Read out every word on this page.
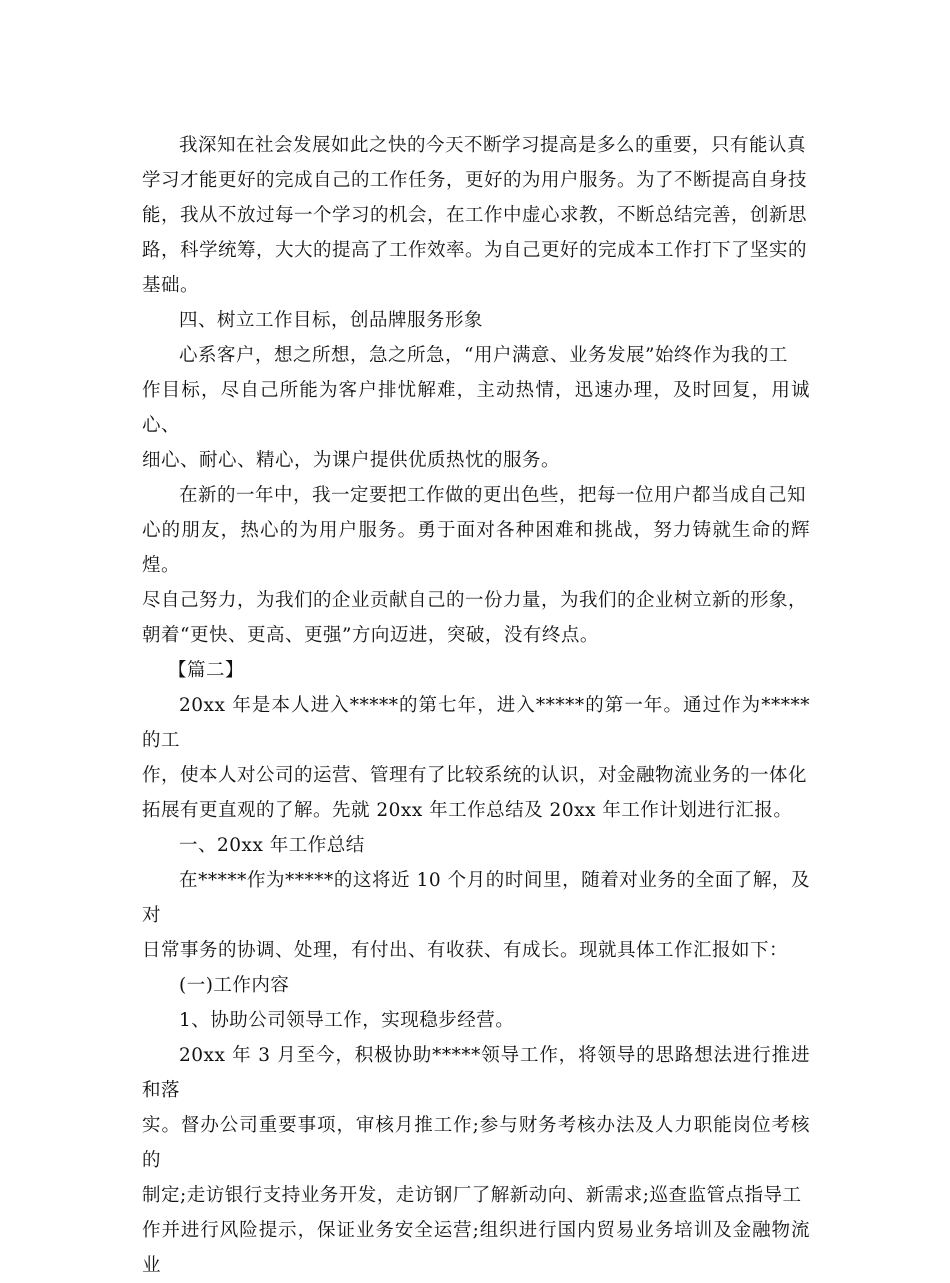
我深知在社会发展如此之快的今天不断学习提高是多么的重要，只有能认真
学习才能更好的完成自己的工作任务，更好的为用户服务。为了不断提高自身技
能，我从不放过每一个学习的机会，在工作中虚心求教，不断总结完善，创新思
路，科学统筹，大大的提高了工作效率。为自己更好的完成本工作打下了坚实的
基础。

四、树立工作目标，创品牌服务形象

心系客户，想之所想，急之所急，“用户满意、业务发展”始终作为我的工
作目标，尽自己所能为客户排忧解难，主动热情，迅速办理，及时回复，用诚心、
细心、耐心、精心，为课户提供优质热忱的服务。
在新的一年中，我一定要把工作做的更出色些，把每一位用户都当成自己知
心的朋友，热心的为用户服务。勇于面对各种困难和挑战，努力铸就生命的辉煌。
尽自己努力，为我们的企业贡献自己的一份力量，为我们的企业树立新的形象，
朝着“更快、更高、更强”方向迈进，突破，没有终点。

【篇二】

20xx 年是本人进入*****的第七年，进入*****的第一年。通过作为*****的工
作，使本人对公司的运营、管理有了比较系统的认识，对金融物流业务的一体化
拓展有更直观的了解。先就 20xx 年工作总结及 20xx 年工作计划进行汇报。

一、20xx 年工作总结

在*****作为*****的这将近 10 个月的时间里，随着对业务的全面了解，及对
日常事务的协调、处理，有付出、有收获、有成长。现就具体工作汇报如下：

(一)工作内容

1、协助公司领导工作，实现稳步经营。

20xx 年 3 月至今，积极协助*****领导工作，将领导的思路想法进行推进和落
实。督办公司重要事项，审核月推工作;参与财务考核办法及人力职能岗位考核的
制定;走访银行支持业务开发，走访钢厂了解新动向、新需求;巡查监管点指导工
作并进行风险提示，保证业务安全运营;组织进行国内贸易业务培训及金融物流业
